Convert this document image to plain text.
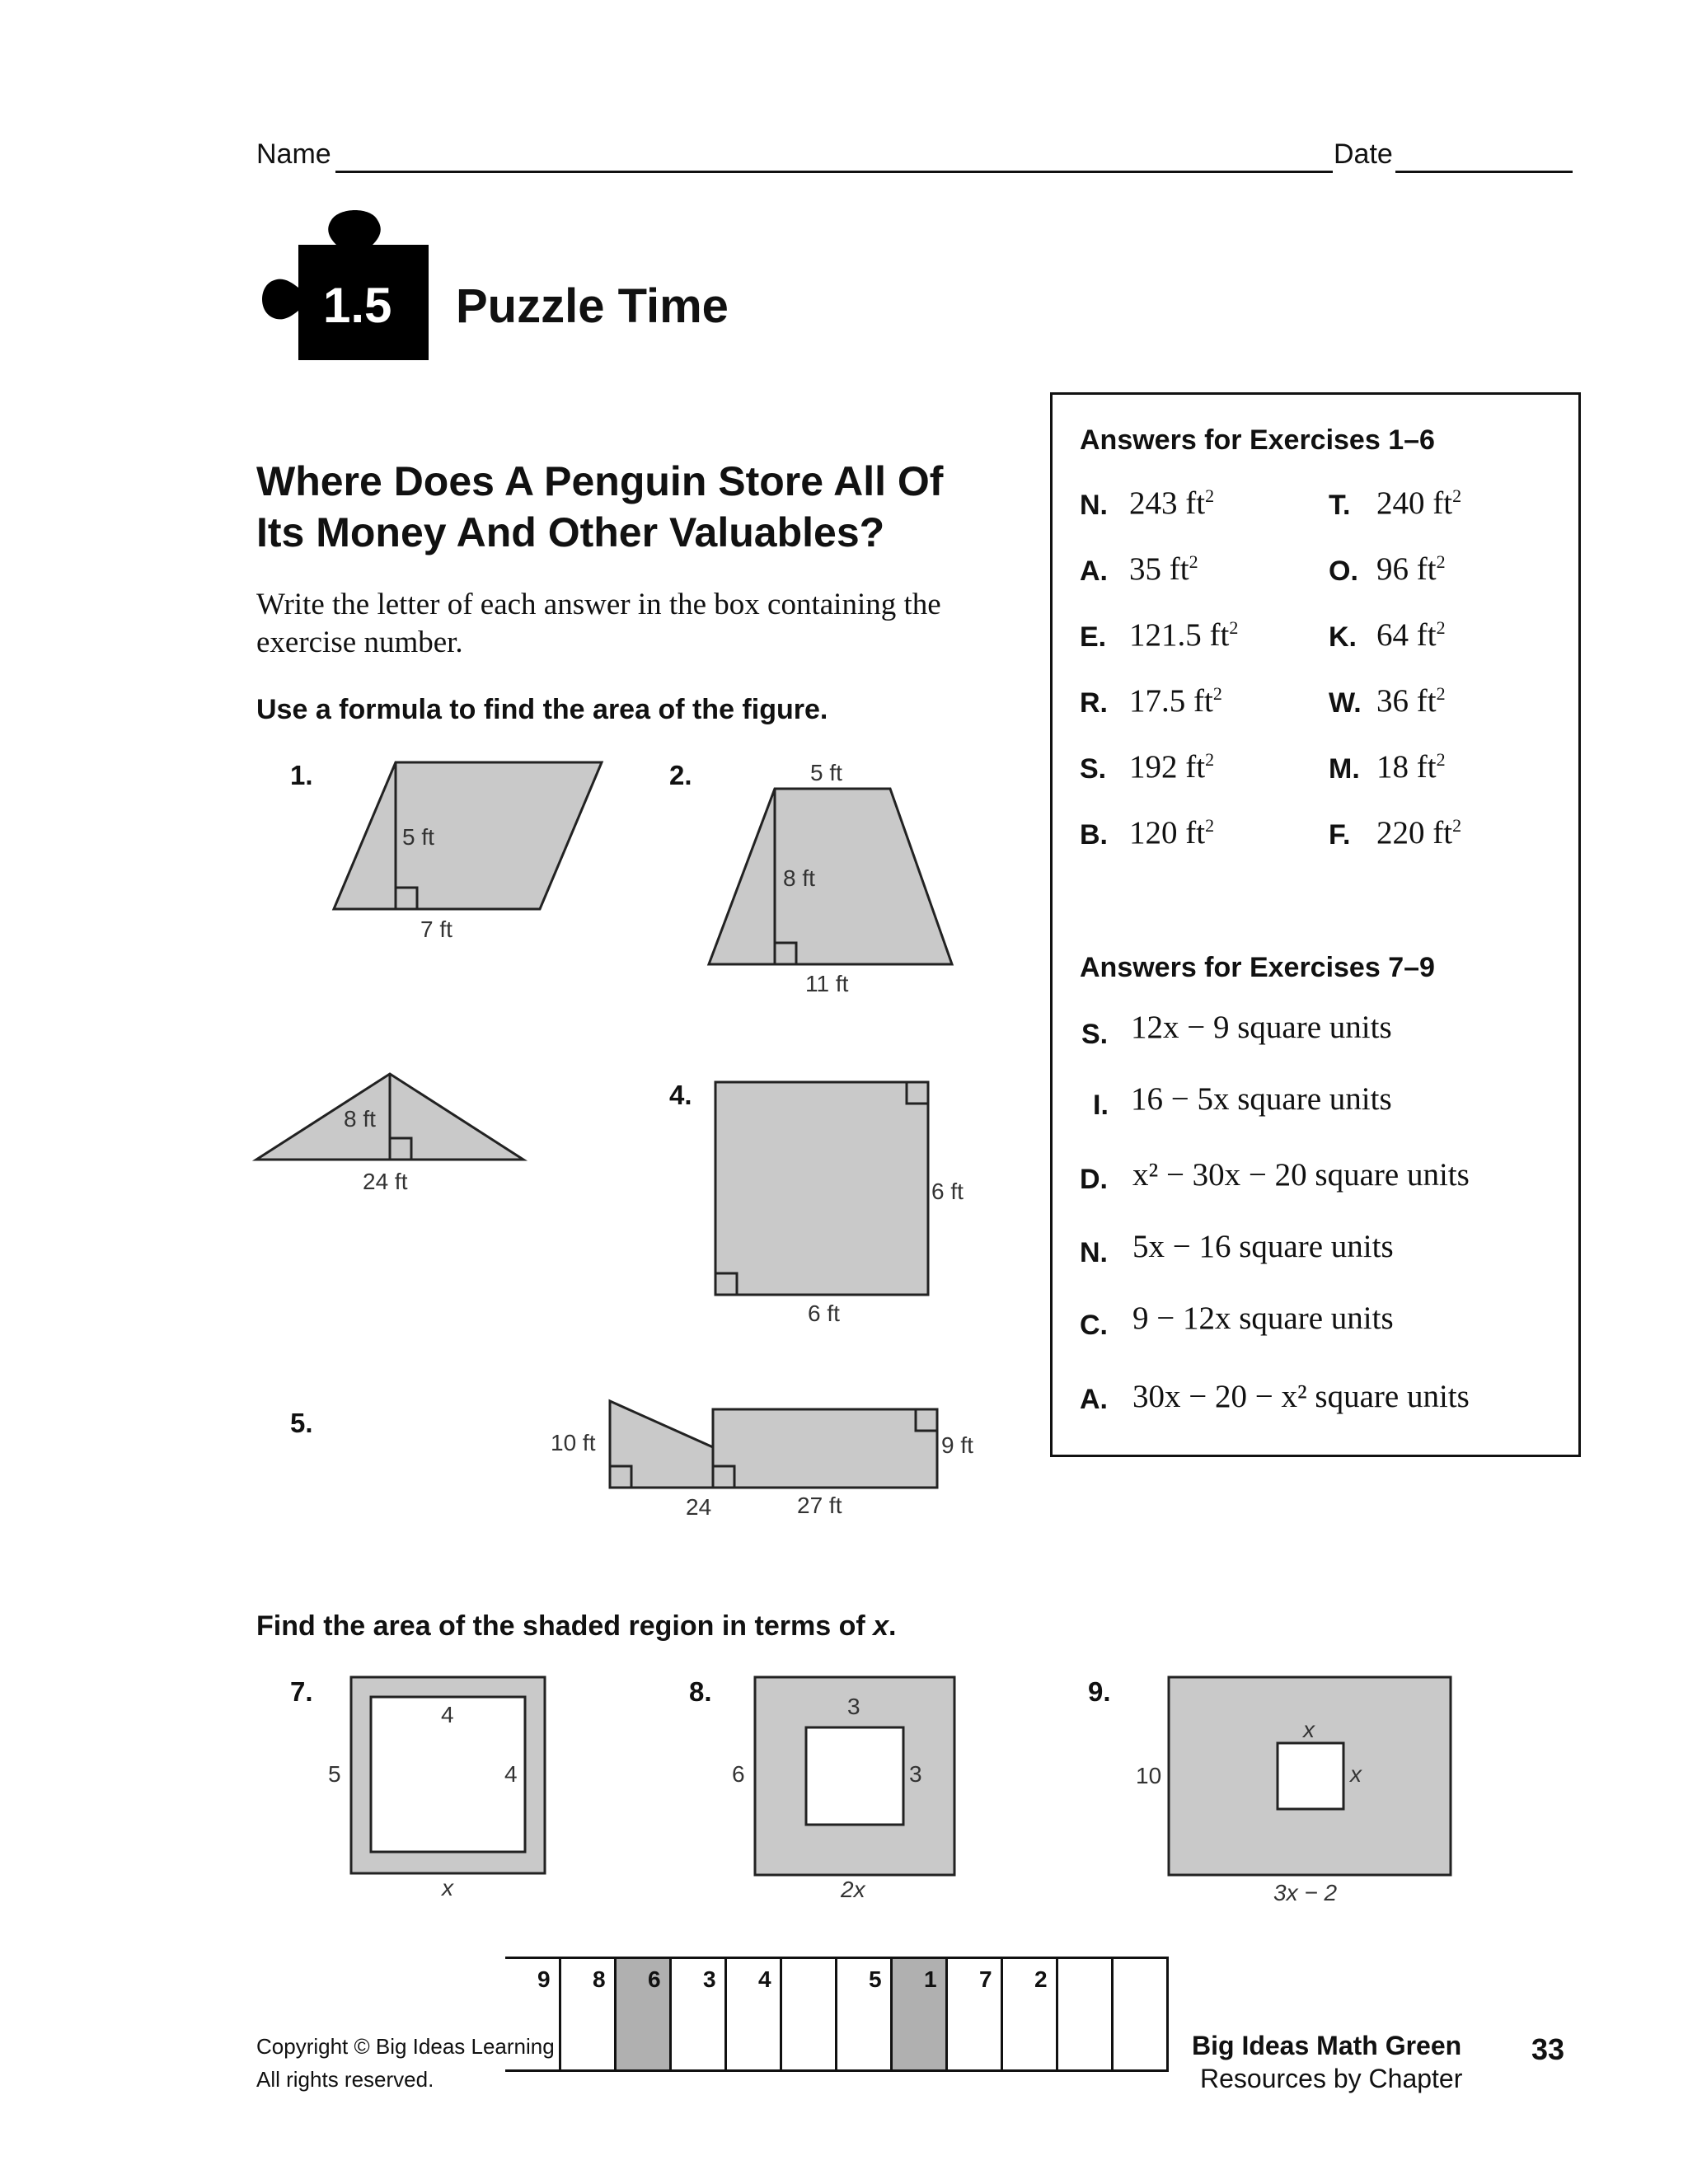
Name	Date
1.5 Puzzle Time
Where Does A Penguin Store All Of
Its Money And Other Valuables?
Write the letter of each answer in the box containing the
exercise number.
Use a formula to find the area of the figure.
1.
5 ft
7 ft
2.	5 ft
8 ft
11 ft
8 ft
24 ft
4.
6 ft
6 ft
5.
10 ft
24
9 ft
27 ft
Find the area of the shaded region in terms of x.
7.
4
4
5
x
8.	3
3
6
2x
9.
x
x
10
3x − 2
Answers for Exercises 1–6
N. 243 $ft^2$	T. 240 $ft^2$
A. 35 $ft^2$	O. 96 $ft^2$
E. 121.5 $ft^2$	K. 64 $ft^2$
R. 17.5 $ft^2$	W. 36 $ft^2$
S. 192 $ft^2$	M. 18 $ft^2$
B. 120 $ft^2$	F. 220 $ft^2$
Answers for Exercises 7–9
S. 12x − 9 square units
I. 16 − 5x square units
D. x² − 30x − 20 square units
N. 5x − 16 square units
C. 9 − 12x square units
A. 30x − 20 − x² square units
9 8 6 3 4	5 1 7 2
Copyright © Big Ideas Learning
All rights reserved.
Big Ideas Math Green
Resources by Chapter
33
